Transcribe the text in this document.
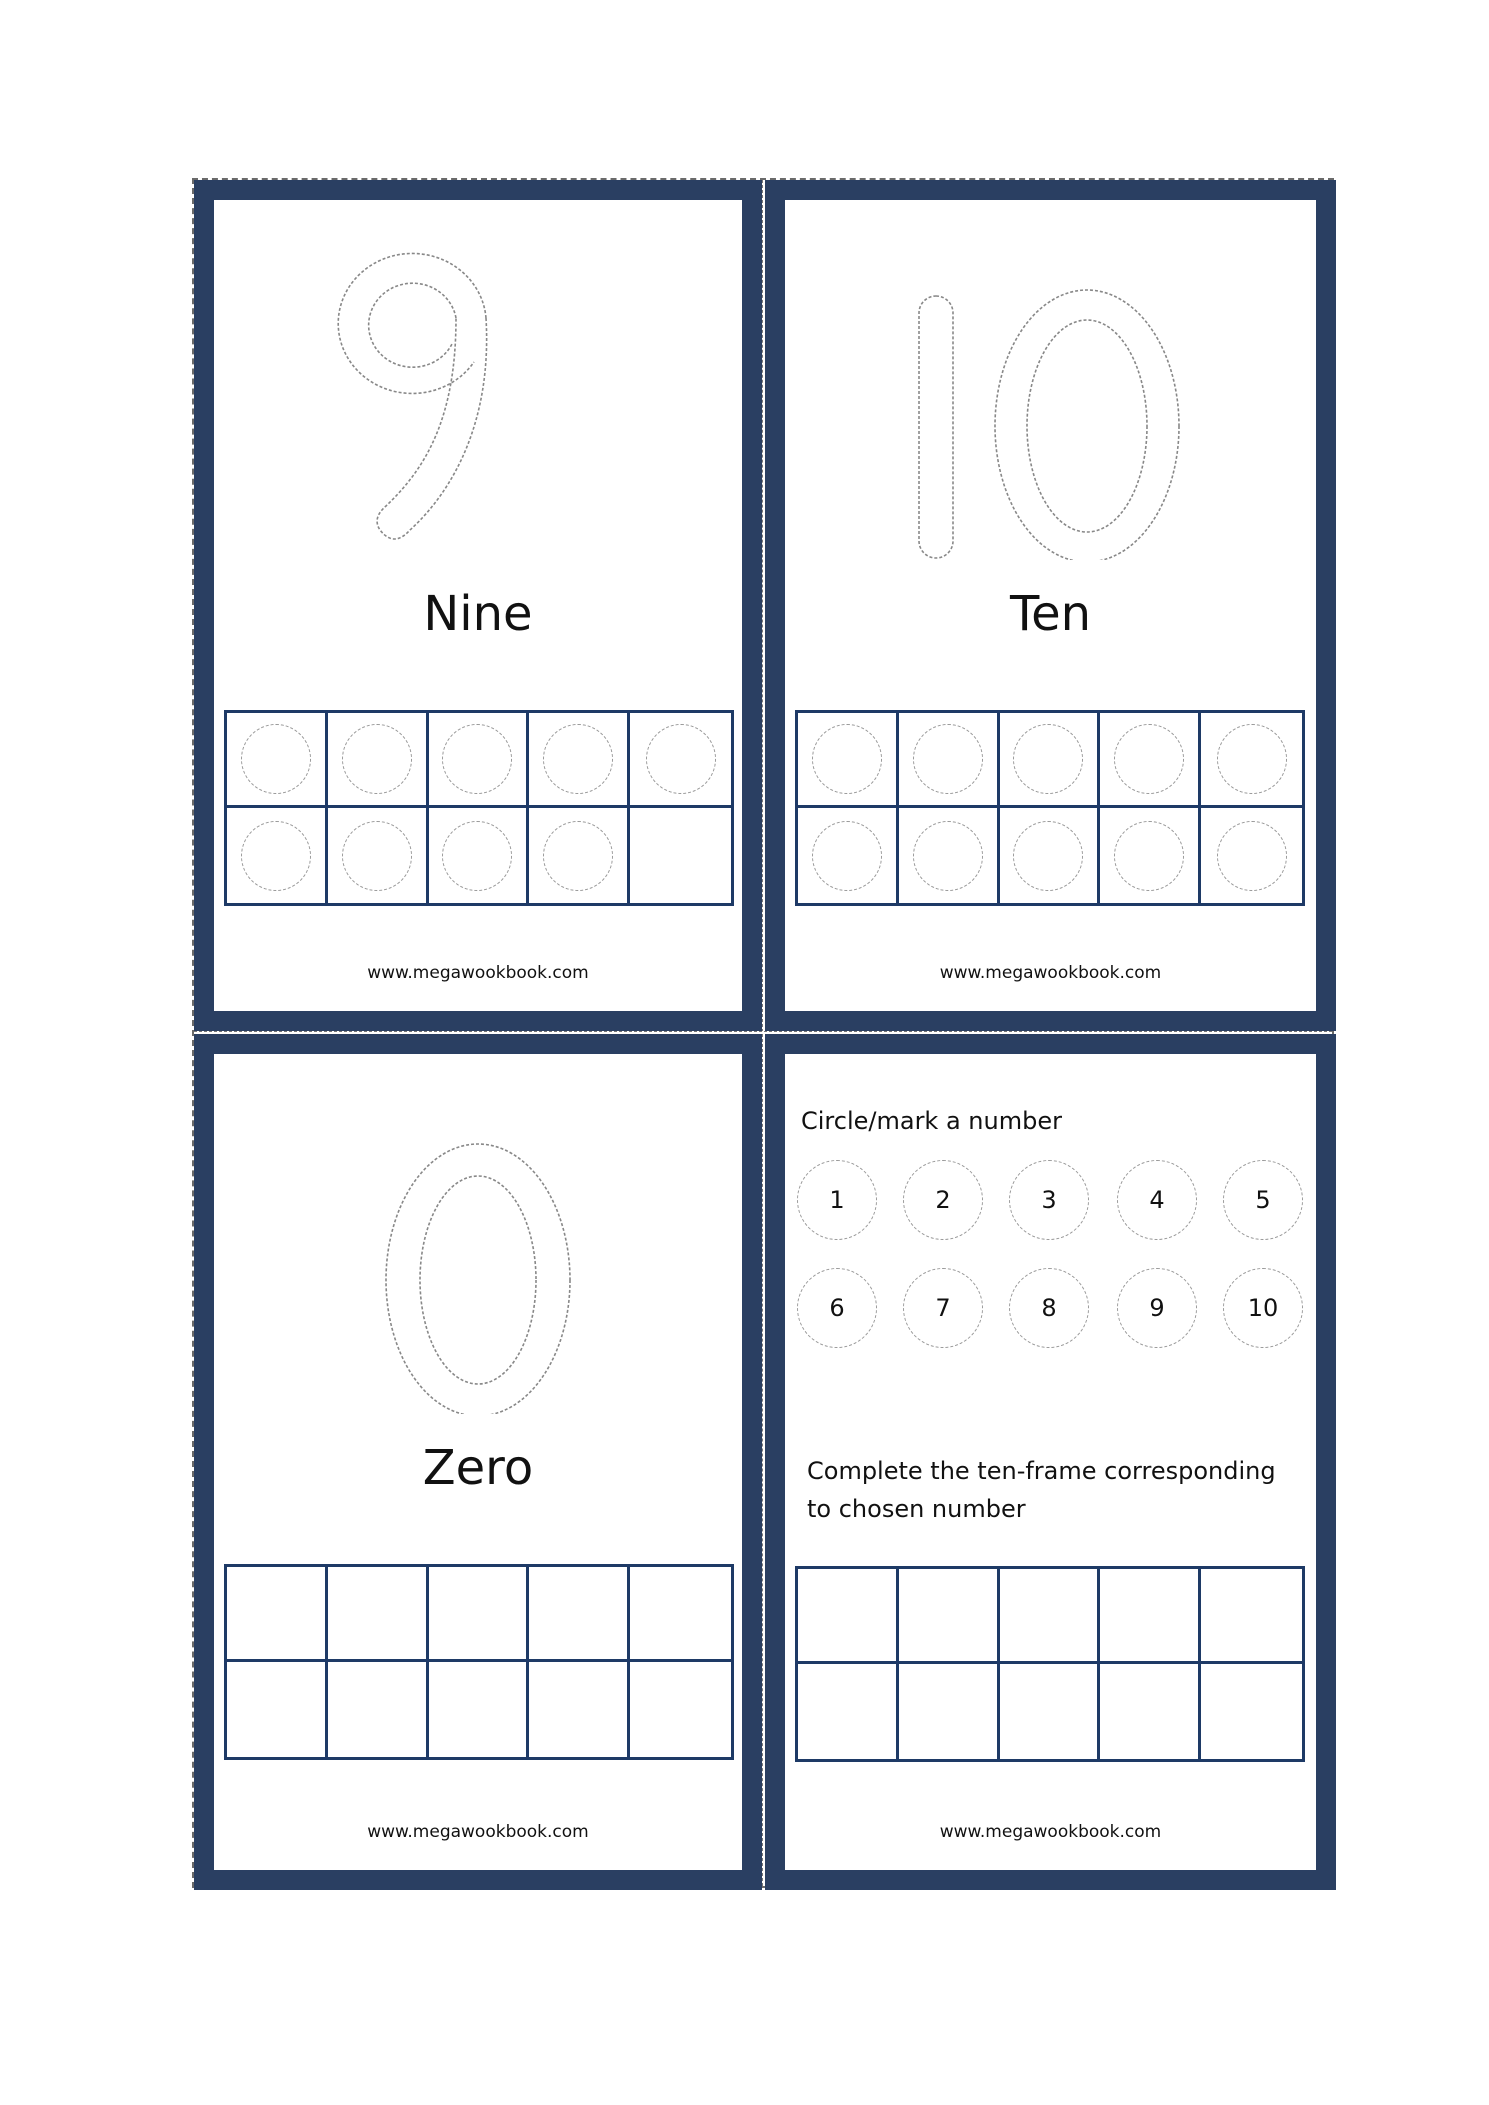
Nine
www.megawookbook.com
Ten
www.megawookbook.com
Zero
www.megawookbook.com
Circle/mark a number
1	2	3	4	5
6	7	8	9	10
Complete the ten-frame corresponding to chosen number
www.megawookbook.com
